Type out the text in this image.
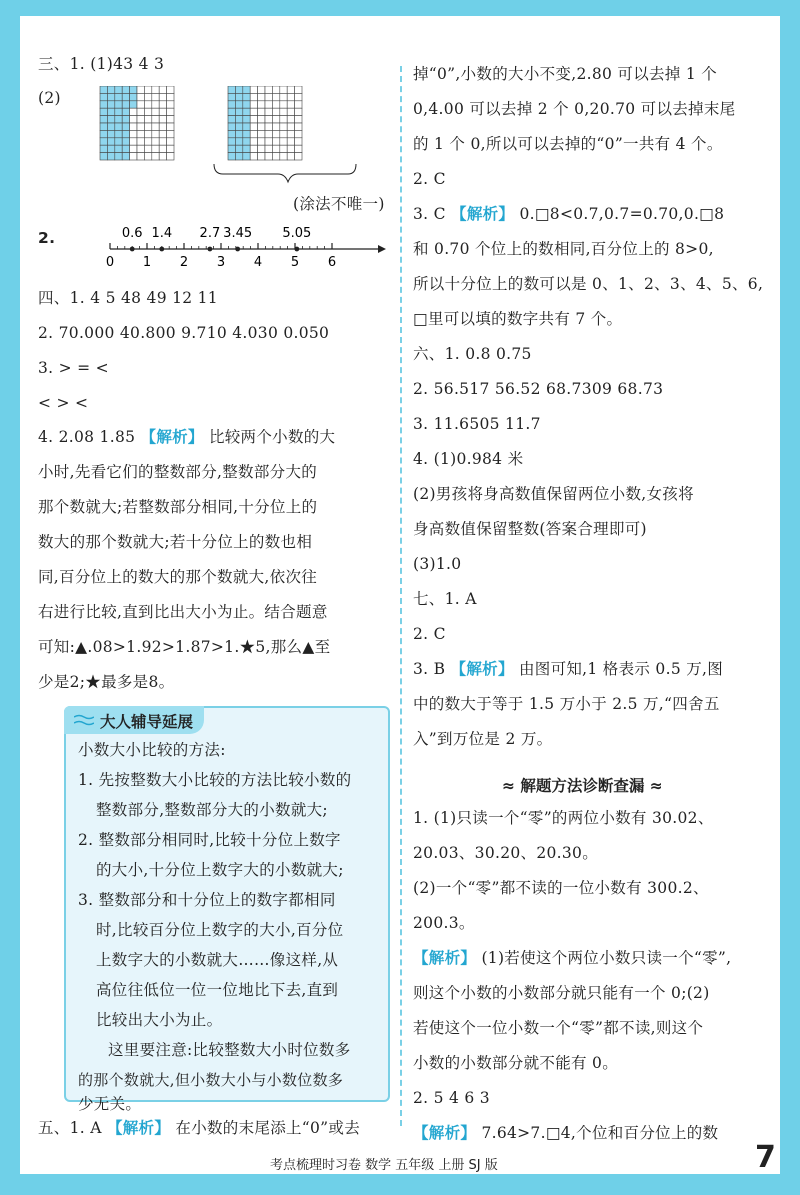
三、1. (1)43 4 3
(2)
(涂法不唯一)
2.
0 1 2 3 4 5 6
0.6 1.4 2.7 3.45 5.05
四、1. 4 5 48 49 12 11
2. 70.000 40.800 9.710 4.030 0.050
3. > = <
< > <
4. 2.08 1.85 【解析】 比较两个小数的大
小时,先看它们的整数部分,整数部分大的
那个数就大;若整数部分相同,十分位上的
数大的那个数就大;若十分位上的数也相
同,百分位上的数大的那个数就大,依次往
右进行比较,直到比出大小为止。结合题意
可知:▲.08>1.92>1.87>1.★5,那么▲至
少是2;★最多是8。
大人辅导延展
小数大小比较的方法:
1. 先按整数大小比较的方法比较小数的
整数部分,整数部分大的小数就大;
2. 整数部分相同时,比较十分位上数字
的大小,十分位上数字大的小数就大;
3. 整数部分和十分位上的数字都相同
时,比较百分位上数字的大小,百分位
上数字大的小数就大……像这样,从
高位往低位一位一位地比下去,直到
比较出大小为止。
这里要注意:比较整数大小时位数多
的那个数就大,但小数大小与小数位数多
少无关。
五、1. A 【解析】 在小数的末尾添上“0”或去
掉“0”,小数的大小不变,2.80 可以去掉 1 个
0,4.00 可以去掉 2 个 0,20.70 可以去掉末尾
的 1 个 0,所以可以去掉的“0”一共有 4 个。
2. C
3. C 【解析】 0.□8<0.7,0.7=0.70,0.□8
和 0.70 个位上的数相同,百分位上的 8>0,
所以十分位上的数可以是 0、1、2、3、4、5、6,
□里可以填的数字共有 7 个。
六、1. 0.8 0.75
2. 56.517 56.52 68.7309 68.73
3. 11.6505 11.7
4. (1)0.984 米
(2)男孩将身高数值保留两位小数,女孩将
身高数值保留整数(答案合理即可)
(3)1.0
七、1. A
2. C
3. B 【解析】 由图可知,1 格表示 0.5 万,图
中的数大于等于 1.5 万小于 2.5 万,“四舍五
入”到万位是 2 万。
≈ 解题方法诊断查漏 ≈
1. (1)只读一个“零”的两位小数有 30.02、
20.03、30.20、20.30。
(2)一个“零”都不读的一位小数有 300.2、
200.3。
【解析】 (1)若使这个两位小数只读一个“零”,
则这个小数的小数部分就只能有一个 0;(2)
若使这个一位小数一个“零”都不读,则这个
小数的小数部分就不能有 0。
2. 5 4 6 3
【解析】 7.64>7.□4,个位和百分位上的数
考点梳理时习卷 数学 五年级 上册 SJ 版	7
